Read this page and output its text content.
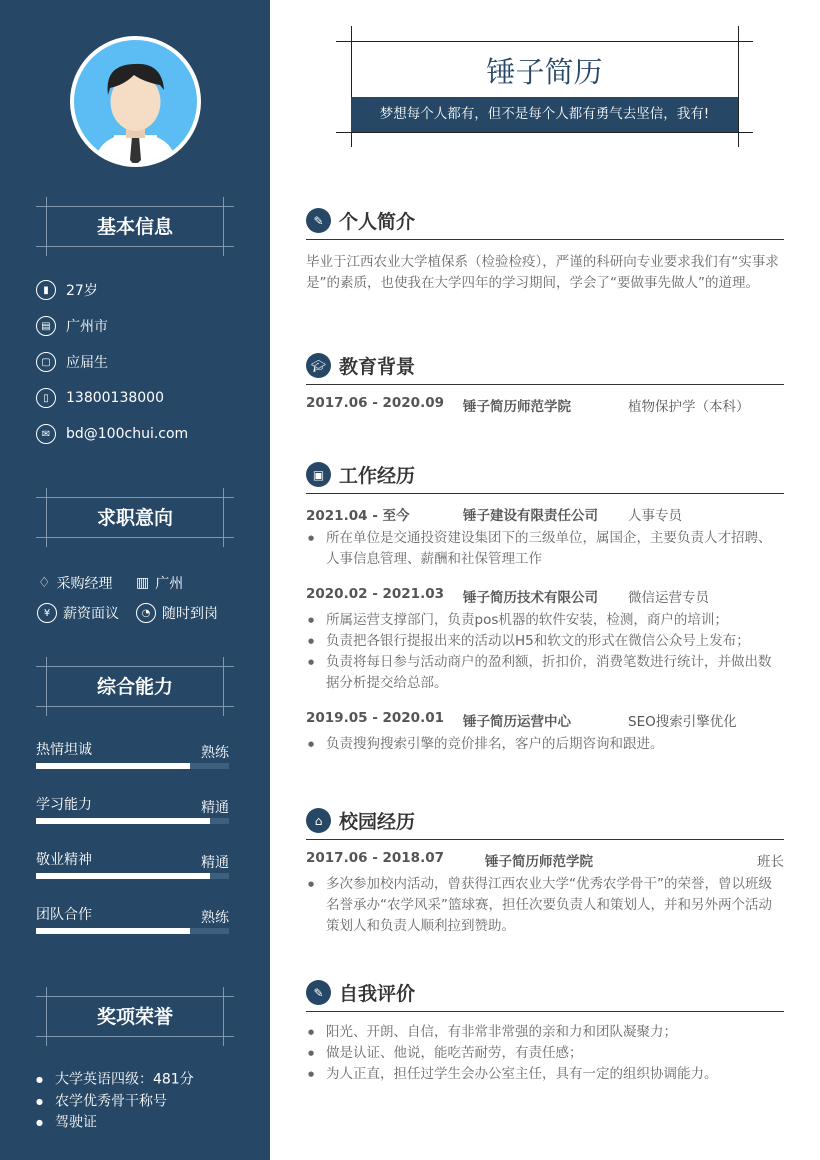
基本信息
▮	27岁
▤	广州市
▢	应届生
▯	13800138000
✉	bd@100chui.com
求职意向
♢ 采购经理 ▥ 广州
¥ 薪资面议	◔ 随时到岗
综合能力
热情坦诚	熟练
学习能力	精通
敬业精神	精通
团队合作	熟练
奖项荣誉
● 大学英语四级：481分
● 农学优秀骨干称号
● 驾驶证
锤子简历
梦想每个人都有，但不是每个人都有勇气去坚信，我有!
✎ 个人简介
毕业于江西农业大学植保系（检验检疫），严谨的科研向专业要求我们有“实事求是”的素质，也使我在大学四年的学习期间，学会了“要做事先做人”的道理。
🎓︎ 教育背景
2017.06 - 2020.09	锤子简历师范学院	植物保护学（本科）
▣ 工作经历
2021.04 - 至今	锤子建设有限责任公司	人事专员
● 所在单位是交通投资建设集团下的三级单位，属国企，主要负责人才招聘、人事信息管理、薪酬和社保管理工作
2020.02 - 2021.03	锤子简历技术有限公司	微信运营专员
● 所属运营支撑部门，负责pos机器的软件安装，检测，商户的培训；
● 负责把各银行提报出来的活动以H5和软文的形式在微信公众号上发布；
● 负责将每日参与活动商户的盈利额，折扣价，消费笔数进行统计，并做出数据分析提交给总部。
2019.05 - 2020.01	锤子简历运营中心	SEO搜索引擎优化
● 负责搜狗搜索引擎的竞价排名，客户的后期咨询和跟进。
⌂ 校园经历
2017.06 - 2018.07	锤子简历师范学院	班长
● 多次参加校内活动，曾获得江西农业大学“优秀农学骨干”的荣誉，曾以班级名誉承办“农学风采”篮球赛，担任次要负责人和策划人，并和另外两个活动策划人和负责人顺利拉到赞助。
✎ 自我评价
● 阳光、开朗、自信，有非常非常强的亲和力和团队凝聚力；
● 做是认证、他说，能吃苦耐劳，有责任感；
● 为人正直，担任过学生会办公室主任，具有一定的组织协调能力。
